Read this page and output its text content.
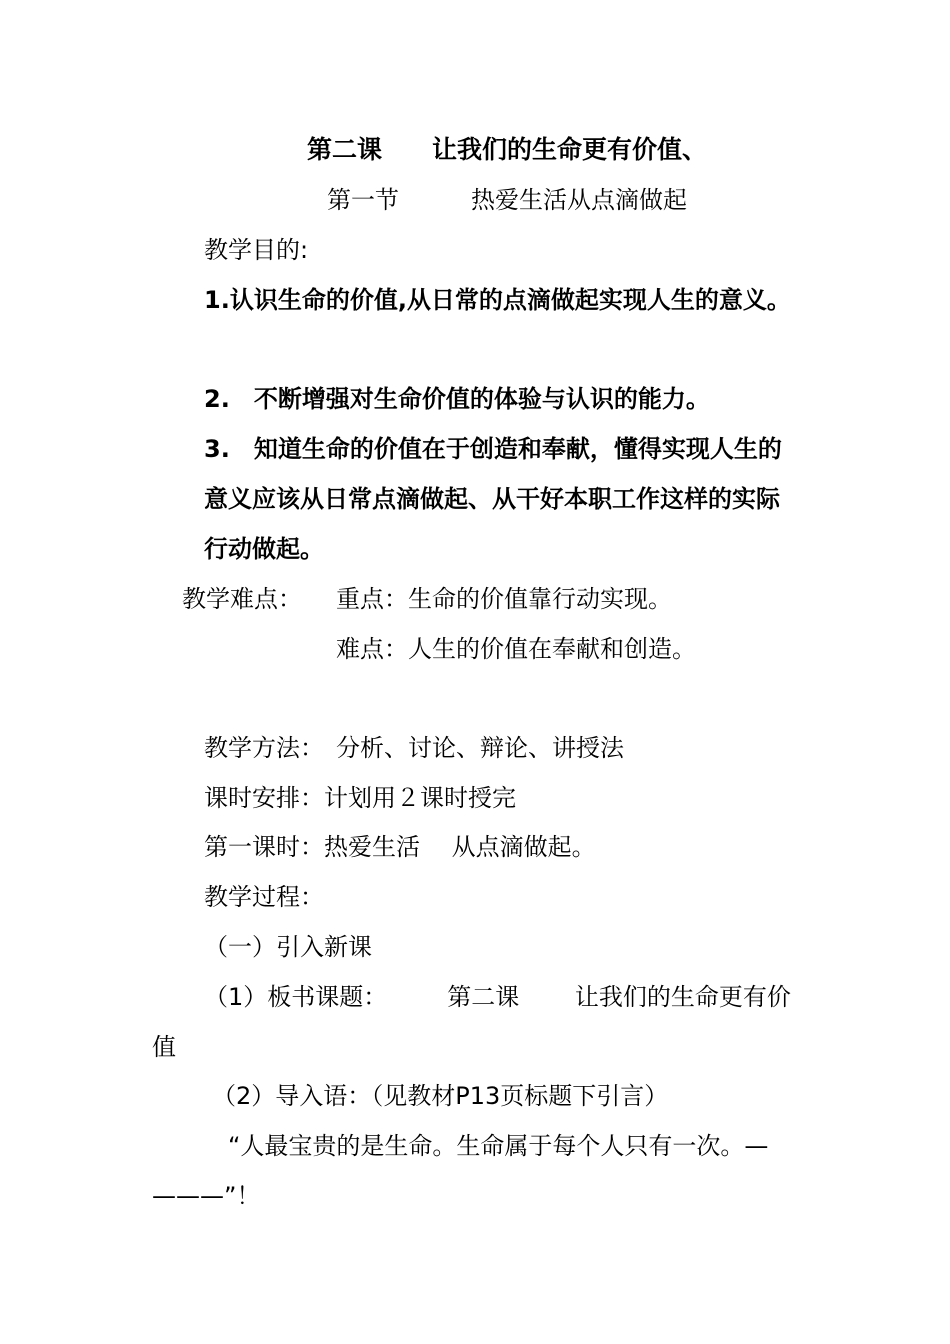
第二课　　让我们的生命更有价值、
第一节　　　热爱生活从点滴做起
教学目的:
1.认识生命的价值,从日常的点滴做起实现人生的意义。
2.　不断增强对生命价值的体验与认识的能力。
3.　知道生命的价值在于创造和奉献，懂得实现人生的
意义应该从日常点滴做起、从干好本职工作这样的实际
行动做起。
教学难点： 重点：生命的价值靠行动实现。
难点：人生的价值在奉献和创造。
教学方法：　分析、讨论、辩论、讲授法
课时安排：计划用２课时授完
第一课时：热爱生活　 从点滴做起。
教学过程：
（一）引入新课
（1）板书课题：　　　第二课　　 让我们的生命更有价
值
（2）导入语：（见教材P13页标题下引言）
“人最宝贵的是生命。生命属于每个人只有一次。—
———”！
